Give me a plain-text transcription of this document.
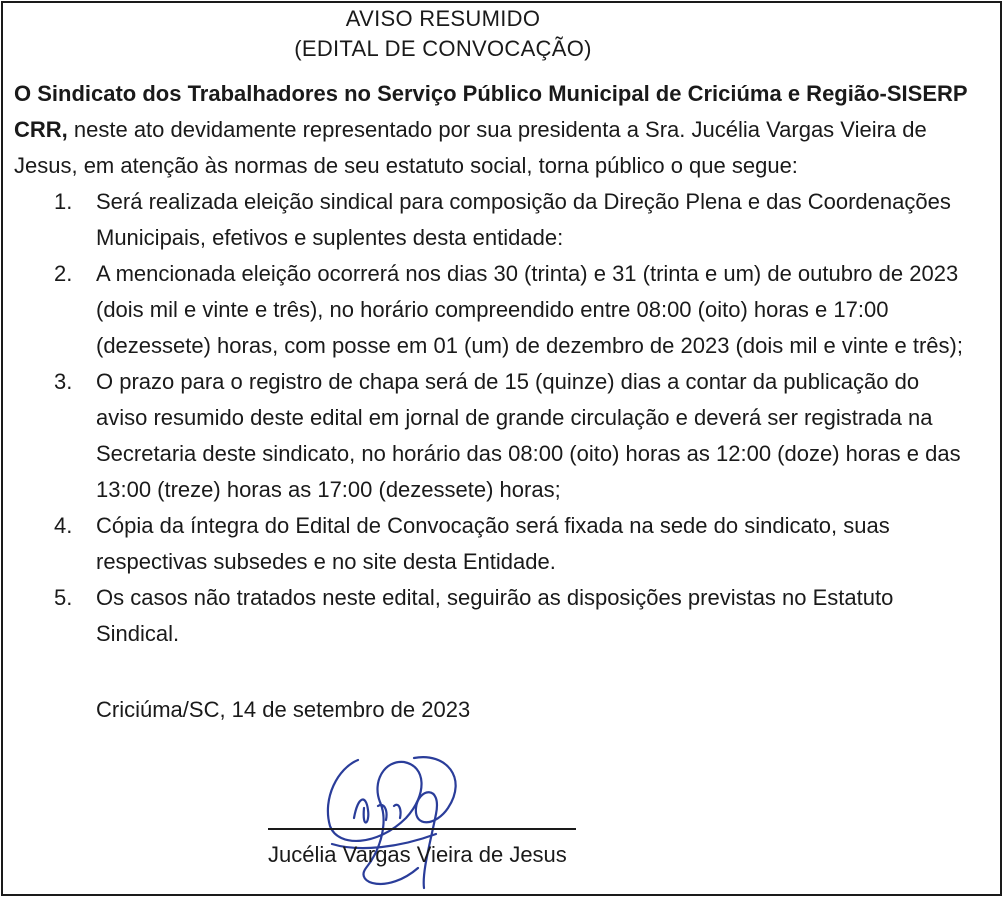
AVISO RESUMIDO
(EDITAL DE CONVOCAÇÃO)
O Sindicato dos Trabalhadores no Serviço Público Municipal de Criciúma e Região-SISERP CRR, neste ato devidamente representado por sua presidenta a Sra. Jucélia Vargas Vieira de Jesus, em atenção às normas de seu estatuto social, torna público o que segue:
1. Será realizada eleição sindical para composição da Direção Plena e das Coordenações Municipais, efetivos e suplentes desta entidade:
2. A mencionada eleição ocorrerá nos dias 30 (trinta) e 31 (trinta e um) de outubro de 2023 (dois mil e vinte e três), no horário compreendido entre 08:00 (oito) horas e 17:00 (dezessete) horas, com posse em 01 (um) de dezembro de 2023 (dois mil e vinte e três);
3. O prazo para o registro de chapa será de 15 (quinze) dias a contar da publicação do aviso resumido deste edital em jornal de grande circulação e deverá ser registrada na Secretaria deste sindicato, no horário das 08:00 (oito) horas as 12:00 (doze) horas e das 13:00 (treze) horas as 17:00 (dezessete) horas;
4. Cópia da íntegra do Edital de Convocação será fixada na sede do sindicato, suas respectivas subsedes e no site desta Entidade.
5. Os casos não tratados neste edital, seguirão as disposições previstas no Estatuto Sindical.
Criciúma/SC, 14 de setembro de 2023
Jucélia Vargas Vieira de Jesus
